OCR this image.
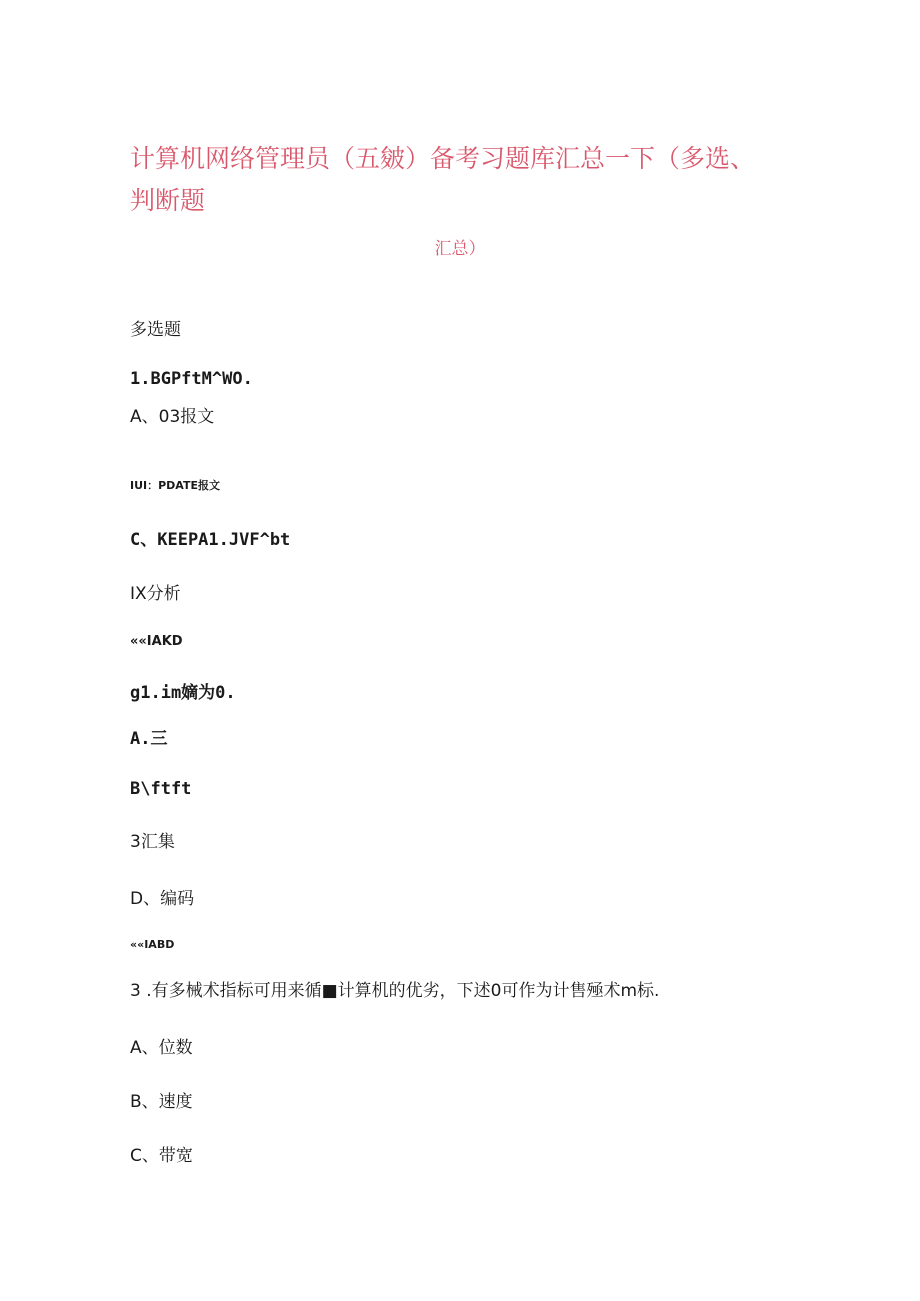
计算机网络管理员（五皴）备考习题库汇总一下（多选、判断题
汇总）
多选题
1.BGPftM^WO.
A、03报文
IUI：PDATE报文
C、KEEPA1.JVF^bt
IX分析
««IAKD
g1.im嫡为0.
A.三
B\ftft
3汇集
D、编码
««IABD
3 .有多械术指标可用来循■计算机的优劣，下述0可作为计售殛术m标.
A、位数
B、速度
C、带宽
